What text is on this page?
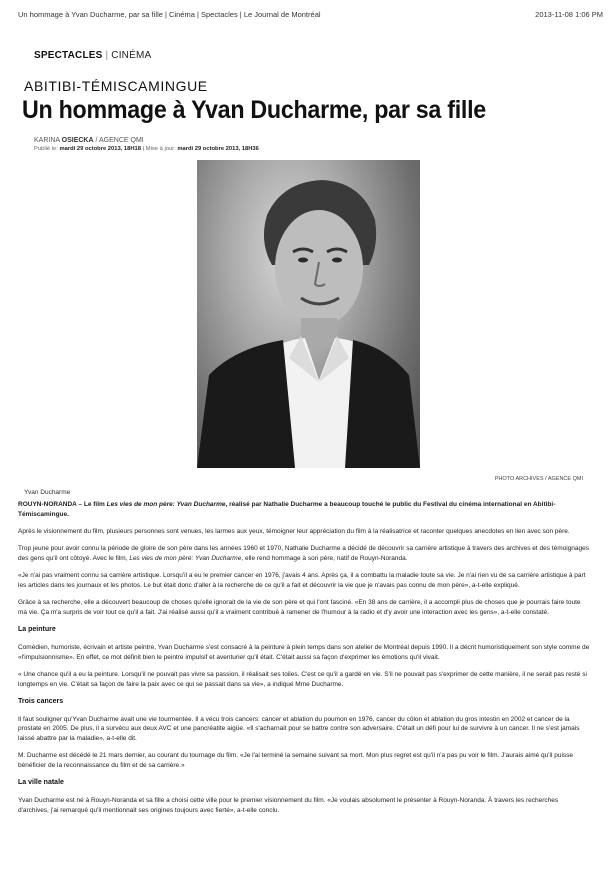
Un hommage à Yvan Ducharme, par sa fille | Cinéma | Spectacles | Le Journal de Montréal	2013-11-08 1:06 PM
SPECTACLES | CINÉMA
ABITIBI-TÉMISCAMINGUE
Un hommage à Yvan Ducharme, par sa fille
KARINA OSIECKA / AGENCE QMI
Publié le: mardi 29 octobre 2013, 18H18 | Mise à jour: mardi 29 octobre 2013, 18H36
PHOTO ARCHIVES / AGENCE QMI
Yvan Ducharme

ROUYN-NORANDA – Le film Les vies de mon père: Yvan Ducharme, réalisé par Nathalie Ducharme a beaucoup touché le public du Festival du cinéma international en Abitibi-Témiscamingue.

Après le visionnement du film, plusieurs personnes sont venues, les larmes aux yeux, témoigner leur appréciation du film à la réalisatrice et raconter quelques anecdotes en lien avec son père.

Trop jeune pour avoir connu la période de gloire de son père dans les années 1960 et 1970, Nathalie Ducharme a décidé de découvrir sa carrière artistique à travers des archives et des témoignages des gens qu'il ont côtoyé. Avec le film, Les vies de mon père: Yvan Ducharme, elle rend hommage à son père, natif de Rouyn-Noranda.

«Je n'ai pas vraiment connu sa carrière artistique. Lorsqu'il a eu le premier cancer en 1976, j'avais 4 ans. Après ça, il a combattu la maladie toute sa vie. Je n'ai rien vu de sa carrière artistique à part les articles dans les journaux et les photos. Le but était donc d'aller à la recherche de ce qu'il a fait et découvrir la vie que je n'avais pas connu de mon père», a-t-elle expliqué.

Grâce à sa recherche, elle a découvert beaucoup de choses qu'elle ignorait de la vie de son père et qui l'ont fasciné. «En 38 ans de carrière, il a accompli plus de choses que je pourrais faire toute ma vie. Ça m'a surpris de voir tout ce qu'il a fait. J'ai réalisé aussi qu'il a vraiment contribué à ramener de l'humour à la radio et d'y avoir une interaction avec les gens», a-t-elle constaté.

La peinture

Comédien, humoriste, écrivain et artiste peintre, Yvan Ducharme s'est consacré à la peinture à plein temps dans son atelier de Montréal depuis 1990. Il a décrit humoristiquement son style comme de «l'impulsionnisme». En effet, ce mot définit bien le peintre impulsif et aventurier qu'il était. C'était aussi sa façon d'exprimer les émotions qu'il vivait.

« Une chance qu'il a eu la peinture. Lorsqu'il ne pouvait pas vivre sa passion, il réalisait ses toiles. C'est ce qu'il a gardé en vie. S'il ne pouvait pas s'exprimer de cette manière, il ne serait pas resté si longtemps en vie. C'était sa façon de faire la paix avec ce qui se passait dans sa vie», a indiqué Mme Ducharme.

Trois cancers

Il faut souligner qu'Yvan Ducharme avait une vie tourmentée. Il a vécu trois cancers: cancer et ablation du poumon en 1976, cancer du côlon et ablation du gros intestin en 2002 et cancer de la prostate en 2005. De plus, il a survécu aux deux AVC et une pancréatite aigüe. «Il s'acharnait pour se battre contre son adversaire. C'était un défi pour lui de survivre à un cancer. Il ne s'est jamais laissé abattre par la maladie», a-t-elle dit.

M. Ducharme est décédé le 21 mars dernier, au courant du tournage du film. «Je l'ai terminé la semaine suivant sa mort. Mon plus regret est qu'il n'a pas pu voir le film. J'aurais aimé qu'il puisse bénéficier de la reconnaissance du film et de sa carrière.»

La ville natale

Yvan Ducharme est né à Rouyn-Noranda et sa fille a choisi cette ville pour le premier visionnement du film. «Je voulais absolument le présenter à Rouyn-Noranda. À travers les recherches d'archives, j'ai remarqué qu'il mentionnait ses origines toujours avec fierté», a-t-elle conclu.
